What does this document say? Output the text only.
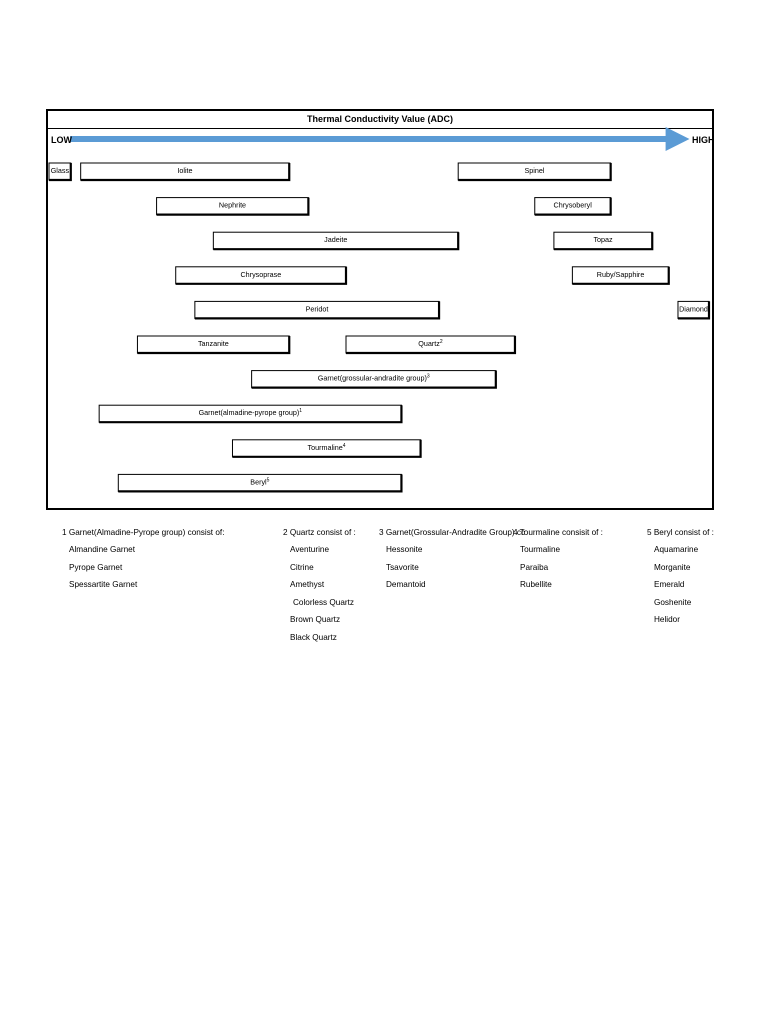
Thermal Conductivity Value (ADC)
LOW	HIGH
Glass	Iolite	Spinel
Nephrite	Chrysoberyl
Jadeite	Topaz
Chrysoprase	Ruby/Sapphire
Peridot	Diamond
Tanzanite	Quartz$^2$
Garnet(grossular-andradite group)$^3$
Garnet(almadine-pyrope group)$^1$
Tourmaline$^4$
Beryl$^5$
1 Garnet(Almadine-Pyrope group) consist of:
Almandine Garnet
Pyrope Garnet
Spessartite Garnet
2 Quartz consist of :
Aventurine
Citrine
Amethyst
Colorless Quartz
Brown Quartz
Black Quartz
3 Garnet(Grossular-Andradite Group) cc
Hessonite
Tsavorite
Demantoid
4 Tourmaline consisit of :
Tourmaline
Paraiba
Rubellite
5 Beryl consist of :
Aquamarine
Morganite
Emerald
Goshenite
Helidor
